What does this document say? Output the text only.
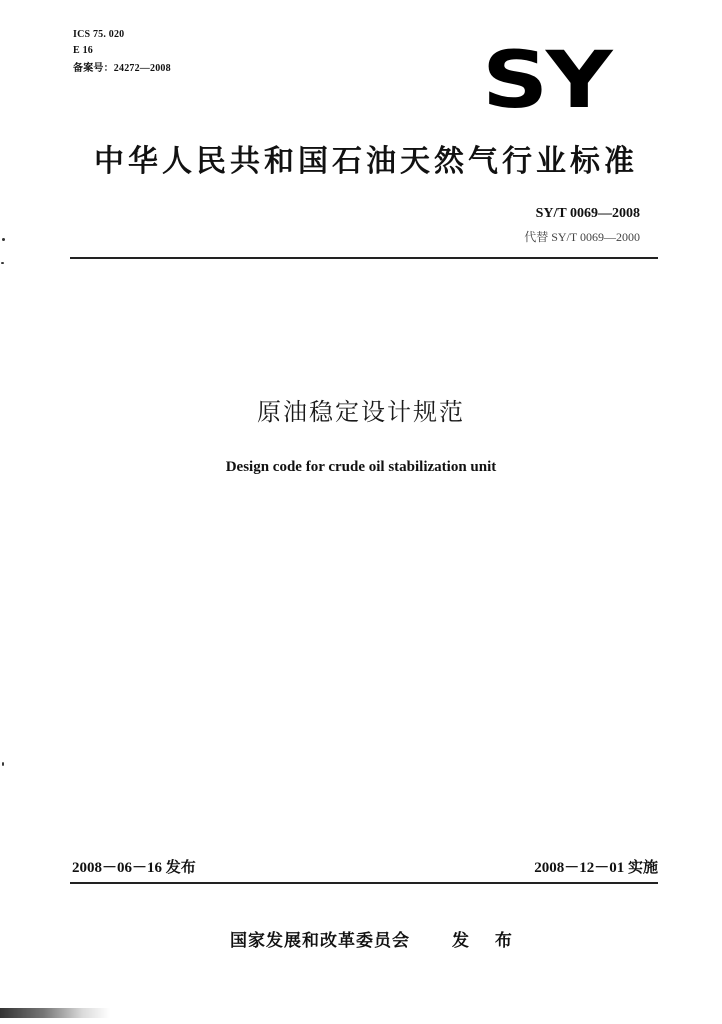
ICS 75. 020
E 16
备案号：24272—2008	SY
中华人民共和国石油天然气行业标准
SY/T 0069—2008
代替 SY/T 0069—2000
原油稳定设计规范
Design code for crude oil stabilization unit
2008－06－16 发布	2008－12－01 实施
国家发展和改革委员会 发 布
